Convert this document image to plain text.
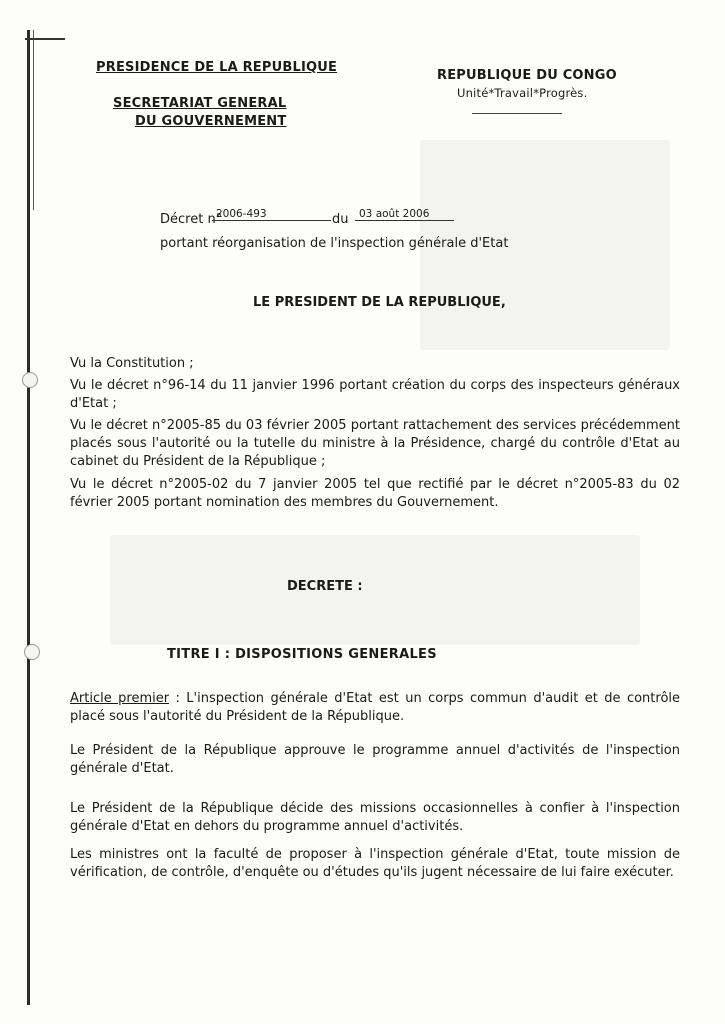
PRESIDENCE DE LA REPUBLIQUE
SECRETARIAT GENERAL
DU GOUVERNEMENT
REPUBLIQUE DU CONGO
Unité*Travail*Progrès.
Décret n°
2006-493	du	03 août 2006
portant réorganisation de l'inspection générale d'Etat
LE PRESIDENT DE LA REPUBLIQUE,
Vu la Constitution ;
Vu le décret n°96-14 du 11 janvier 1996 portant création du corps des inspecteurs généraux d'Etat ;
Vu le décret n°2005-85 du 03 février 2005 portant rattachement des services précédemment placés sous l'autorité ou la tutelle du ministre à la Présidence, chargé du contrôle d'Etat au cabinet du Président de la République ;
Vu le décret n°2005-02 du 7 janvier 2005 tel que rectifié par le décret n°2005-83 du 02 février 2005 portant nomination des membres du Gouvernement.
DECRETE :
TITRE I : DISPOSITIONS GENERALES
Article premier : L'inspection générale d'Etat est un corps commun d'audit et de contrôle placé sous l'autorité du Président de la République.
Le Président de la République approuve le programme annuel d'activités de l'inspection générale d'Etat.
Le Président de la République décide des missions occasionnelles à confier à l'inspection générale d'Etat en dehors du programme annuel d'activités.
Les ministres ont la faculté de proposer à l'inspection générale d'Etat, toute mission de vérification, de contrôle, d'enquête ou d'études qu'ils jugent nécessaire de lui faire exécuter.
